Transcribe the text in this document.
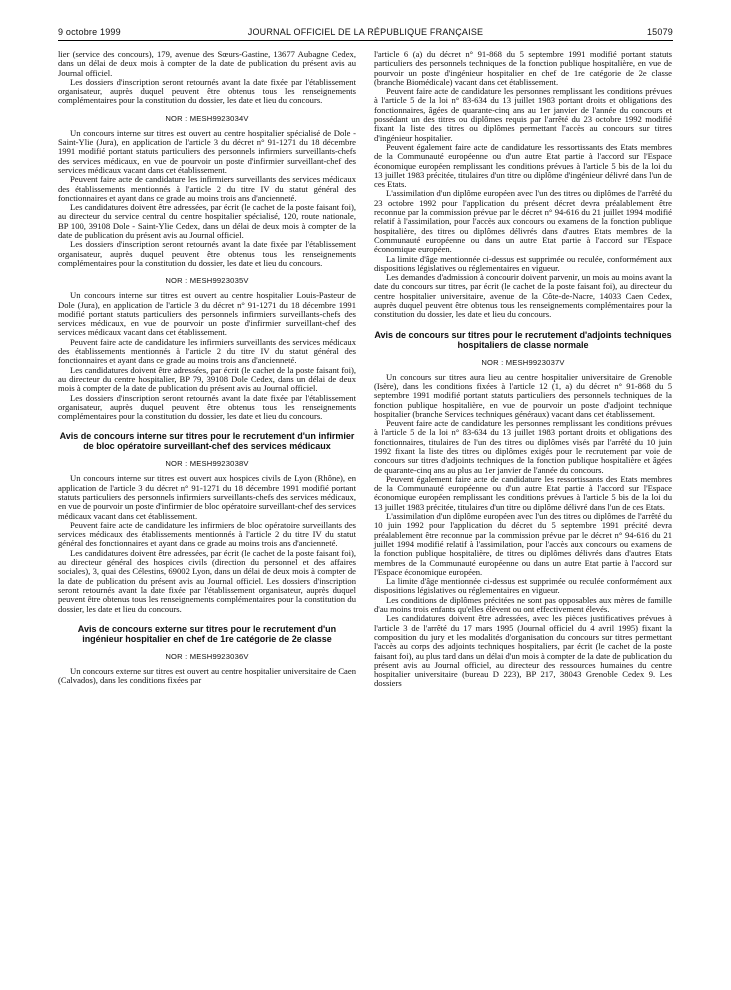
9 octobre 1999	JOURNAL OFFICIEL DE LA RÉPUBLIQUE FRANÇAISE	15079

lier (service des concours), 179, avenue des Sœurs-Gastine, 13677 Aubagne Cedex, dans un délai de deux mois à compter de la date de publication du présent avis au Journal officiel.

Les dossiers d'inscription seront retournés avant la date fixée par l'établissement organisateur, auprès duquel peuvent être obtenus tous les renseignements complémentaires pour la constitution du dossier, les date et lieu du concours.

NOR : MESH9923034V

Un concours interne sur titres est ouvert au centre hospitalier spécialisé de Dole - Saint-Ylie (Jura), en application de l'article 3 du décret n° 91-1271 du 18 décembre 1991 modifié portant statuts particuliers des personnels infirmiers surveillants-chefs des services médicaux, en vue de pourvoir un poste d'infirmier surveillant-chef des services médicaux vacant dans cet établissement.

Peuvent faire acte de candidature les infirmiers surveillants des services médicaux des établissements mentionnés à l'article 2 du titre IV du statut général des fonctionnaires et ayant dans ce grade au moins trois ans d'ancienneté.

Les candidatures doivent être adressées, par écrit (le cachet de la poste faisant foi), au directeur du service central du centre hospitalier spécialisé, 120, route nationale, BP 100, 39108 Dole - Saint-Ylie Cedex, dans un délai de deux mois à compter de la date de publication du présent avis au Journal officiel.

Les dossiers d'inscription seront retournés avant la date fixée par l'établissement organisateur, auprès duquel peuvent être obtenus tous les renseignements complémentaires pour la constitution du dossier, les date et lieu du concours.

NOR : MESH9923035V

Un concours interne sur titres est ouvert au centre hospitalier Louis-Pasteur de Dole (Jura), en application de l'article 3 du décret n° 91-1271 du 18 décembre 1991 modifié portant statuts particuliers des personnels infirmiers surveillants-chefs des services médicaux, en vue de pourvoir un poste d'infirmier surveillant-chef des services médicaux vacant dans cet établissement.

Peuvent faire acte de candidature les infirmiers surveillants des services médicaux des établissements mentionnés à l'article 2 du titre IV du statut général des fonctionnaires et ayant dans ce grade au moins trois ans d'ancienneté.

Les candidatures doivent être adressées, par écrit (le cachet de la poste faisant foi), au directeur du centre hospitalier, BP 79, 39108 Dole Cedex, dans un délai de deux mois à compter de la date de publication du présent avis au Journal officiel.

Les dossiers d'inscription seront retournés avant la date fixée par l'établissement organisateur, auprès duquel peuvent être obtenus tous les renseignements complémentaires pour la constitution du dossier, les date et lieu du concours.

Avis de concours interne sur titres pour le recrutement d'un infirmier de bloc opératoire surveillant-chef des services médicaux
NOR : MESH9923038V

Un concours interne sur titres est ouvert aux hospices civils de Lyon (Rhône), en application de l'article 3 du décret n° 91-1271 du 18 décembre 1991 modifié portant statuts particuliers des personnels infirmiers surveillants-chefs des services médicaux, en vue de pourvoir un poste d'infirmier de bloc opératoire surveillant-chef des services médicaux vacant dans cet établissement.

Peuvent faire acte de candidature les infirmiers de bloc opératoire surveillants des services médicaux des établissements mentionnés à l'article 2 du titre IV du statut général des fonctionnaires et ayant dans ce grade au moins trois ans d'ancienneté.

Les candidatures doivent être adressées, par écrit (le cachet de la poste faisant foi), au directeur général des hospices civils (direction du personnel et des affaires sociales), 3, quai des Célestins, 69002 Lyon, dans un délai de deux mois à compter de la date de publication du présent avis au Journal officiel. Les dossiers d'inscription seront retournés avant la date fixée par l'établissement organisateur, auprès duquel peuvent être obtenus tous les renseignements complémentaires pour la constitution du dossier, les date et lieu du concours.

Avis de concours externe sur titres pour le recrutement d'un ingénieur hospitalier en chef de 1re catégorie de 2e classe
NOR : MESH9923036V

Un concours externe sur titres est ouvert au centre hospitalier universitaire de Caen (Calvados), dans les conditions fixées par

l'article 6 (a) du décret n° 91-868 du 5 septembre 1991 modifié portant statuts particuliers des personnels techniques de la fonction publique hospitalière, en vue de pourvoir un poste d'ingénieur hospitalier en chef de 1re catégorie de 2e classe (branche Biomédicale) vacant dans cet établissement.

Peuvent faire acte de candidature les personnes remplissant les conditions prévues à l'article 5 de la loi n° 83-634 du 13 juillet 1983 portant droits et obligations des fonctionnaires, âgées de quarante-cinq ans au 1er janvier de l'année du concours et possédant un des titres ou diplômes requis par l'arrêté du 23 octobre 1992 modifié fixant la liste des titres ou diplômes permettant l'accès au concours sur titres d'ingénieur hospitalier.

Peuvent également faire acte de candidature les ressortissants des Etats membres de la Communauté européenne ou d'un autre Etat partie à l'accord sur l'Espace économique européen remplissant les conditions prévues à l'article 5 bis de la loi du 13 juillet 1983 précitée, titulaires d'un titre ou diplôme d'ingénieur délivré dans l'un de ces Etats.

L'assimilation d'un diplôme européen avec l'un des titres ou diplômes de l'arrêté du 23 octobre 1992 pour l'application du présent décret devra préalablement être reconnue par la commission prévue par le décret n° 94-616 du 21 juillet 1994 modifié relatif à l'assimilation, pour l'accès aux concours ou examens de la fonction publique hospitalière, des titres ou diplômes délivrés dans d'autres Etats membres de la Communauté européenne ou dans un autre Etat partie à l'accord sur l'Espace économique européen.

La limite d'âge mentionnée ci-dessus est supprimée ou reculée, conformément aux dispositions législatives ou réglementaires en vigueur.

Les demandes d'admission à concourir doivent parvenir, un mois au moins avant la date du concours sur titres, par écrit (le cachet de la poste faisant foi), au directeur du centre hospitalier universitaire, avenue de la Côte-de-Nacre, 14033 Caen Cedex, auprès duquel peuvent être obtenus tous les renseignements complémentaires pour la constitution du dossier, les date et lieu du concours.

Avis de concours sur titres pour le recrutement d'adjoints techniques hospitaliers de classe normale
NOR : MESH9923037V

Un concours sur titres aura lieu au centre hospitalier universitaire de Grenoble (Isère), dans les conditions fixées à l'article 12 (1, a) du décret n° 91-868 du 5 septembre 1991 modifié portant statuts particuliers des personnels techniques de la fonction publique hospitalière, en vue de pourvoir un poste d'adjoint technique hospitalier (branche Services techniques généraux) vacant dans cet établissement.

Peuvent faire acte de candidature les personnes remplissant les conditions prévues à l'article 5 de la loi n° 83-634 du 13 juillet 1983 portant droits et obligations des fonctionnaires, titulaires de l'un des titres ou diplômes visés par l'arrêté du 10 juin 1992 fixant la liste des titres ou diplômes exigés pour le recrutement par voie de concours sur titres d'adjoints techniques de la fonction publique hospitalière et âgées de quarante-cinq ans au plus au 1er janvier de l'année du concours.

Peuvent également faire acte de candidature les ressortissants des Etats membres de la Communauté européenne ou d'un autre Etat partie à l'accord sur l'Espace économique européen remplissant les conditions prévues à l'article 5 bis de la loi du 13 juillet 1983 précitée, titulaires d'un titre ou diplôme délivré dans l'un de ces Etats.

L'assimilation d'un diplôme européen avec l'un des titres ou diplômes de l'arrêté du 10 juin 1992 pour l'application du décret du 5 septembre 1991 précité devra préalablement être reconnue par la commission prévue par le décret n° 94-616 du 21 juillet 1994 modifié relatif à l'assimilation, pour l'accès aux concours ou examens de la fonction publique hospitalière, de titres ou diplômes délivrés dans d'autres Etats membres de la Communauté européenne ou dans un autre Etat partie à l'accord sur l'Espace économique européen.

La limite d'âge mentionnée ci-dessus est supprimée ou reculée conformément aux dispositions législatives ou réglementaires en vigueur.

Les conditions de diplômes précitées ne sont pas opposables aux mères de famille d'au moins trois enfants qu'elles élèvent ou ont effectivement élevés.

Les candidatures doivent être adressées, avec les pièces justificatives prévues à l'article 3 de l'arrêté du 17 mars 1995 (Journal officiel du 4 avril 1995) fixant la composition du jury et les modalités d'organisation du concours sur titres permettant l'accès au corps des adjoints techniques hospitaliers, par écrit (le cachet de la poste faisant foi), au plus tard dans un délai d'un mois à compter de la date de publication du présent avis au Journal officiel, au directeur des ressources humaines du centre hospitalier universitaire (bureau D 223), BP 217, 38043 Grenoble Cedex 9. Les dossiers
